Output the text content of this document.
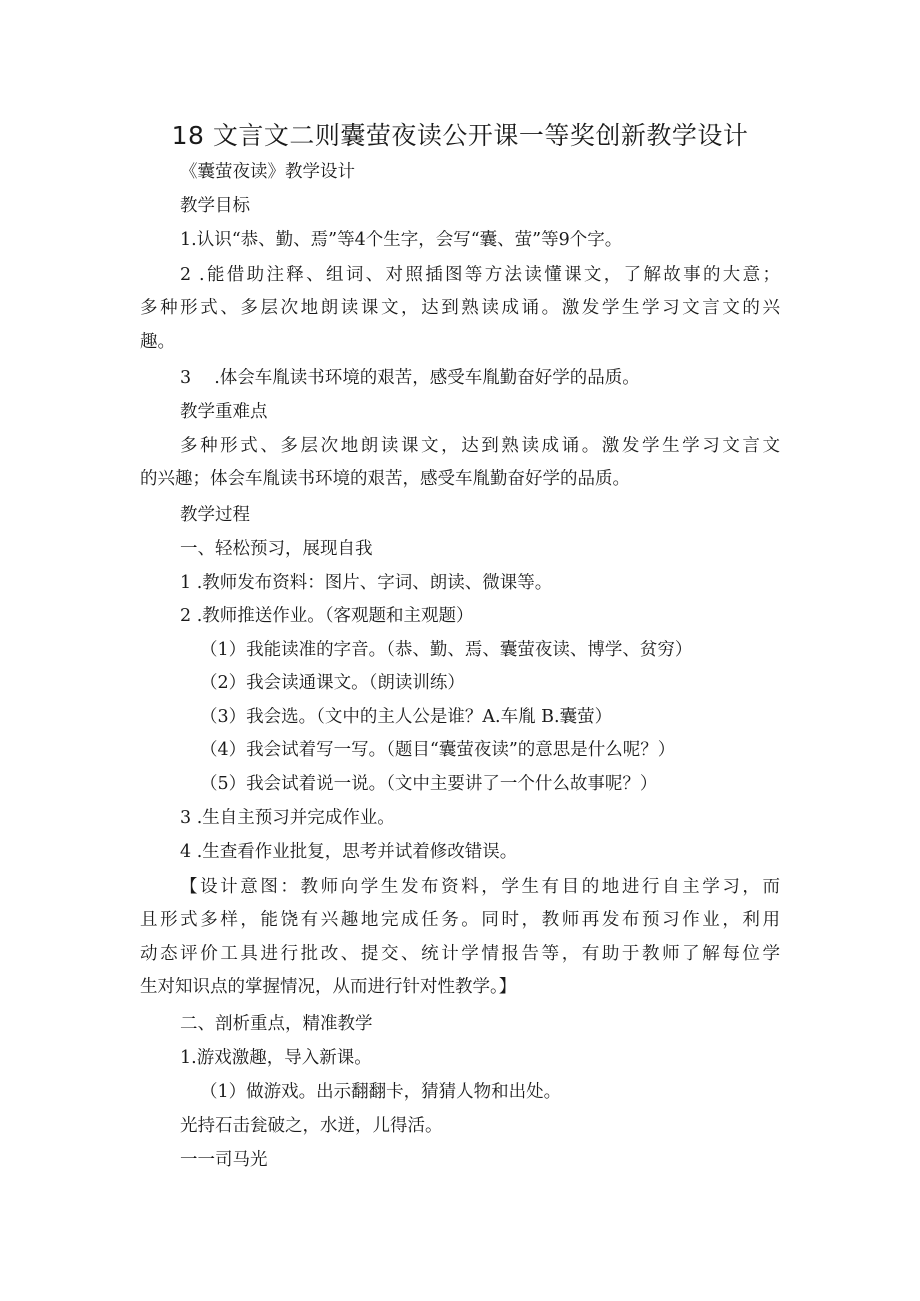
18 文言文二则囊萤夜读公开课一等奖创新教学设计
《囊萤夜读》教学设计
教学目标
1.认识“恭、勤、焉”等4个生字，会写“囊、萤”等9个字。
2 .能借助注释、组词、对照插图等方法读懂课文，了解故事的大意；
多种形式、多层次地朗读课文，达到熟读成诵。激发学生学习文言文的兴
趣。
3　 .体会车胤读书环境的艰苦，感受车胤勤奋好学的品质。
教学重难点
多种形式、多层次地朗读课文，达到熟读成诵。激发学生学习文言文
的兴趣；体会车胤读书环境的艰苦，感受车胤勤奋好学的品质。
教学过程
一、轻松预习，展现自我
1 .教师发布资料：图片、字词、朗读、微课等。
2 .教师推送作业。（客观题和主观题）
（1）我能读准的字音。（恭、勤、焉、囊萤夜读、博学、贫穷）
（2）我会读通课文。（朗读训练）
（3）我会选。（文中的主人公是谁？A.车胤 B.囊萤）
（4）我会试着写一写。（题目“囊萤夜读”的意思是什么呢？）
（5）我会试着说一说。（文中主要讲了一个什么故事呢？）
3 .生自主预习并完成作业。
4 .生查看作业批复，思考并试着修改错误。
【设计意图：教师向学生发布资料，学生有目的地进行自主学习，而
且形式多样，能饶有兴趣地完成任务。同时，教师再发布预习作业，利用
动态评价工具进行批改、提交、统计学情报告等，有助于教师了解每位学
生对知识点的掌握情况，从而进行针对性教学。】
二、剖析重点，精准教学
1.游戏激趣，导入新课。
（1）做游戏。出示翻翻卡，猜猜人物和出处。
光持石击瓮破之，水迸，儿得活。
一一司马光
